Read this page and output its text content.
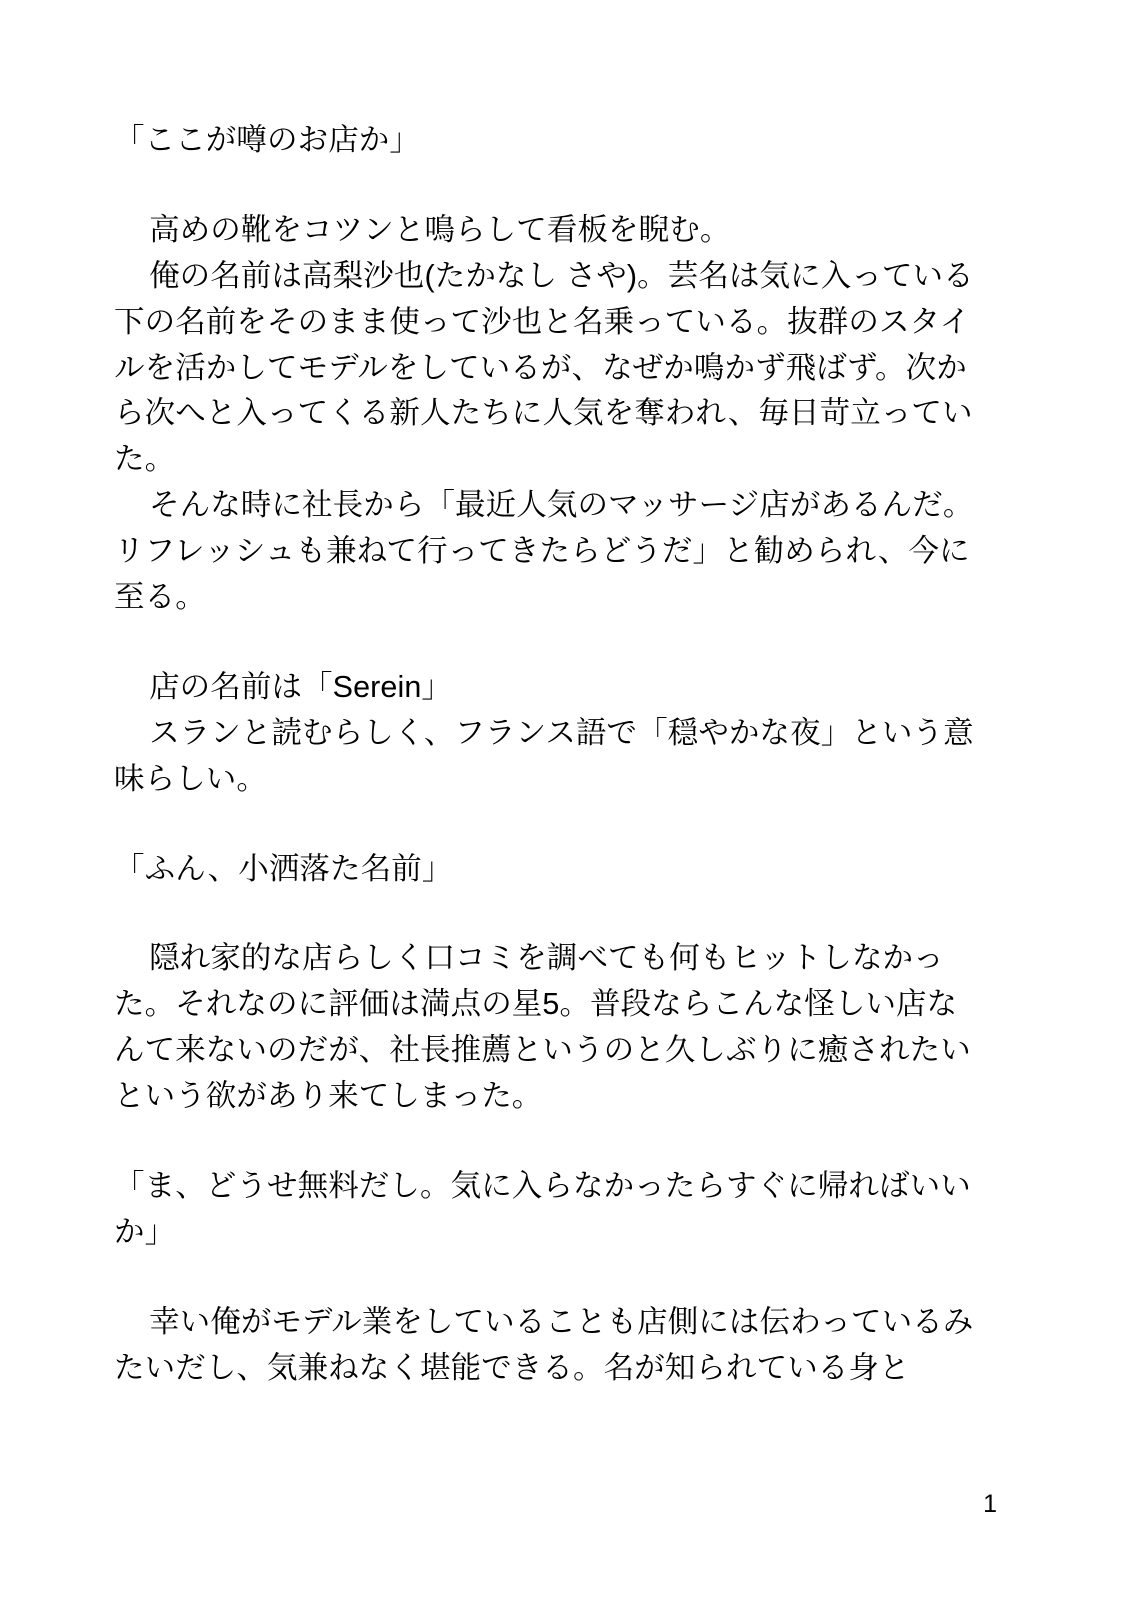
「ここが噂のお店か」

高めの靴をコツンと鳴らして看板を睨む。

俺の名前は高梨沙也(たかなし さや)。芸名は気に入っている下の名前をそのまま使って沙也と名乗っている。抜群のスタイルを活かしてモデルをしているが、なぜか鳴かず飛ばず。次から次へと入ってくる新人たちに人気を奪われ、毎日苛立っていた。

そんな時に社長から「最近人気のマッサージ店があるんだ。リフレッシュも兼ねて行ってきたらどうだ」と勧められ、今に至る。

店の名前は「Serein」

スランと読むらしく、フランス語で「穏やかな夜」という意味らしい。

「ふん、小洒落た名前」

隠れ家的な店らしく口コミを調べても何もヒットしなかった。それなのに評価は満点の星5。普段ならこんな怪しい店なんて来ないのだが、社長推薦というのと久しぶりに癒されたいという欲があり来てしまった。

「ま、どうせ無料だし。気に入らなかったらすぐに帰ればいいか」

幸い俺がモデル業をしていることも店側には伝わっているみたいだし、気兼ねなく堪能できる。名が知られている身と

1
